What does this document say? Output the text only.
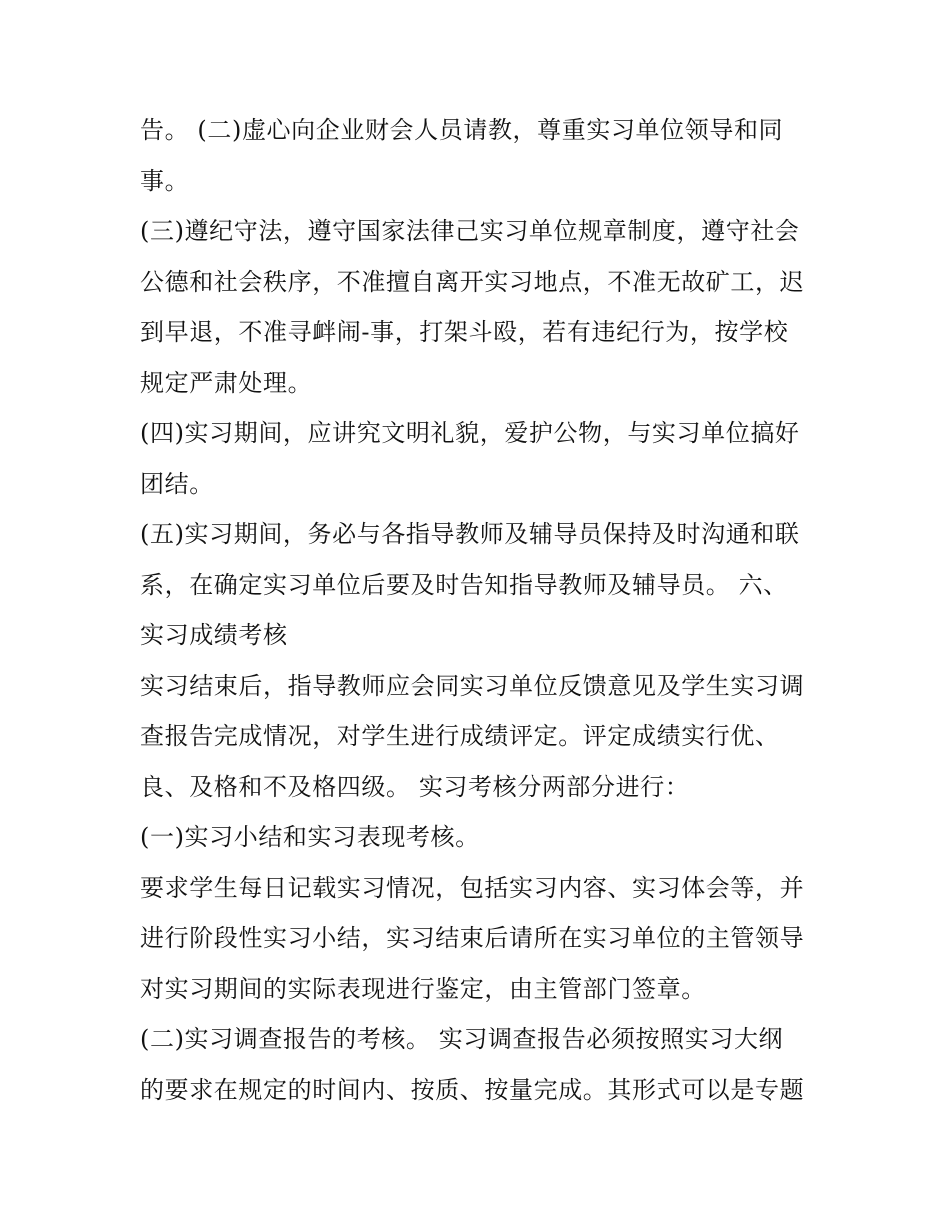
告。 (二)虚心向企业财会人员请教，尊重实习单位领导和同
事。
(三)遵纪守法，遵守国家法律己实习单位规章制度，遵守社会
公德和社会秩序，不准擅自离开实习地点，不准无故矿工，迟
到早退，不准寻衅闹-事，打架斗殴，若有违纪行为，按学校
规定严肃处理。
(四)实习期间，应讲究文明礼貌，爱护公物，与实习单位搞好
团结。
(五)实习期间，务必与各指导教师及辅导员保持及时沟通和联
系，在确定实习单位后要及时告知指导教师及辅导员。 六、
实习成绩考核
实习结束后，指导教师应会同实习单位反馈意见及学生实习调
查报告完成情况，对学生进行成绩评定。评定成绩实行优、
良、及格和不及格四级。 实习考核分两部分进行：
(一)实习小结和实习表现考核。
要求学生每日记载实习情况，包括实习内容、实习体会等，并
进行阶段性实习小结，实习结束后请所在实习单位的主管领导
对实习期间的实际表现进行鉴定，由主管部门签章。
(二)实习调查报告的考核。 实习调查报告必须按照实习大纲
的要求在规定的时间内、按质、按量完成。其形式可以是专题
